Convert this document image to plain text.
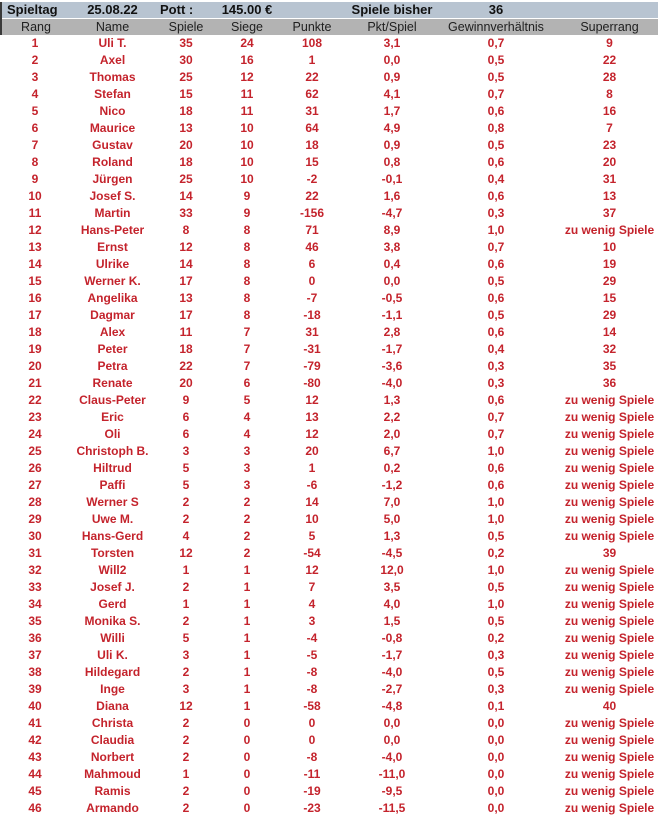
Spieltag	25.08.22	Pott :	145.00 €	Spiele bisher	36
Rang	Name	Spiele	Siege	Punkte	Pkt/Spiel	Gewinnverhältnis	Superrang
1	Uli T.	35	24	108	3,1	0,7	9
2	Axel	30	16	1	0,0	0,5	22
3	Thomas	25	12	22	0,9	0,5	28
4	Stefan	15	11	62	4,1	0,7	8
5	Nico	18	11	31	1,7	0,6	16
6	Maurice	13	10	64	4,9	0,8	7
7	Gustav	20	10	18	0,9	0,5	23
8	Roland	18	10	15	0,8	0,6	20
9	Jürgen	25	10	-2	-0,1	0,4	31
10	Josef S.	14	9	22	1,6	0,6	13
11	Martin	33	9	-156	-4,7	0,3	37
12	Hans-Peter	8	8	71	8,9	1,0	zu wenig Spiele
13	Ernst	12	8	46	3,8	0,7	10
14	Ulrike	14	8	6	0,4	0,6	19
15	Werner K.	17	8	0	0,0	0,5	29
16	Angelika	13	8	-7	-0,5	0,6	15
17	Dagmar	17	8	-18	-1,1	0,5	29
18	Alex	11	7	31	2,8	0,6	14
19	Peter	18	7	-31	-1,7	0,4	32
20	Petra	22	7	-79	-3,6	0,3	35
21	Renate	20	6	-80	-4,0	0,3	36
22	Claus-Peter	9	5	12	1,3	0,6	zu wenig Spiele
23	Eric	6	4	13	2,2	0,7	zu wenig Spiele
24	Oli	6	4	12	2,0	0,7	zu wenig Spiele
25	Christoph B.	3	3	20	6,7	1,0	zu wenig Spiele
26	Hiltrud	5	3	1	0,2	0,6	zu wenig Spiele
27	Paffi	5	3	-6	-1,2	0,6	zu wenig Spiele
28	Werner S	2	2	14	7,0	1,0	zu wenig Spiele
29	Uwe M.	2	2	10	5,0	1,0	zu wenig Spiele
30	Hans-Gerd	4	2	5	1,3	0,5	zu wenig Spiele
31	Torsten	12	2	-54	-4,5	0,2	39
32	Will2	1	1	12	12,0	1,0	zu wenig Spiele
33	Josef J.	2	1	7	3,5	0,5	zu wenig Spiele
34	Gerd	1	1	4	4,0	1,0	zu wenig Spiele
35	Monika S.	2	1	3	1,5	0,5	zu wenig Spiele
36	Willi	5	1	-4	-0,8	0,2	zu wenig Spiele
37	Uli K.	3	1	-5	-1,7	0,3	zu wenig Spiele
38	Hildegard	2	1	-8	-4,0	0,5	zu wenig Spiele
39	Inge	3	1	-8	-2,7	0,3	zu wenig Spiele
40	Diana	12	1	-58	-4,8	0,1	40
41	Christa	2	0	0	0,0	0,0	zu wenig Spiele
42	Claudia	2	0	0	0,0	0,0	zu wenig Spiele
43	Norbert	2	0	-8	-4,0	0,0	zu wenig Spiele
44	Mahmoud	1	0	-11	-11,0	0,0	zu wenig Spiele
45	Ramis	2	0	-19	-9,5	0,0	zu wenig Spiele
46	Armando	2	0	-23	-11,5	0,0	zu wenig Spiele
